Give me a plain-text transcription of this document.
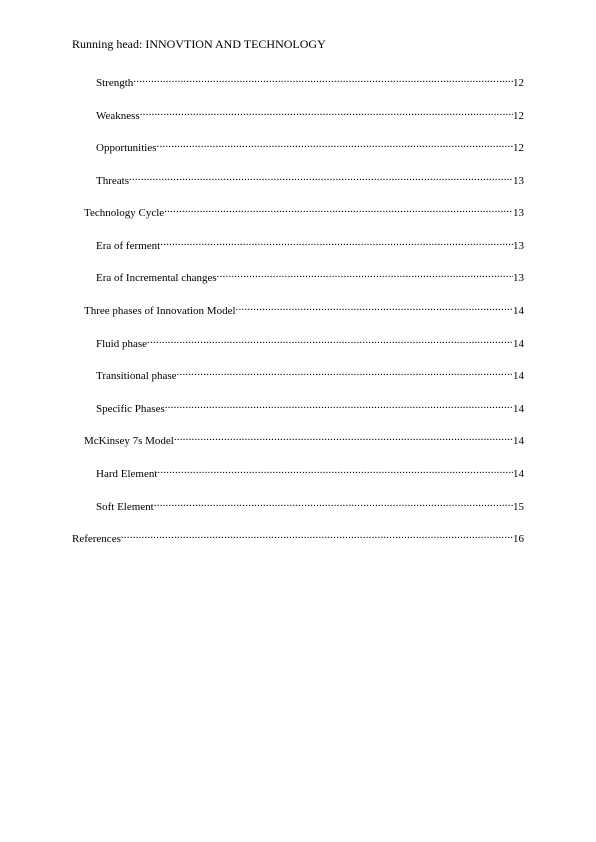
Running head: INNOVTION AND TECHNOLOGY
Strength .....	12
Weakness .....	12
Opportunities .....	12
Threats .....	13
Technology Cycle .....	13
Era of ferment .....	13
Era of Incremental changes .....	13
Three phases of Innovation Model .....	14
Fluid phase .....	14
Transitional phase .....	14
Specific Phases .....	14
McKinsey 7s Model .....	14
Hard Element .....	14
Soft Element .....	15
References .....	16
